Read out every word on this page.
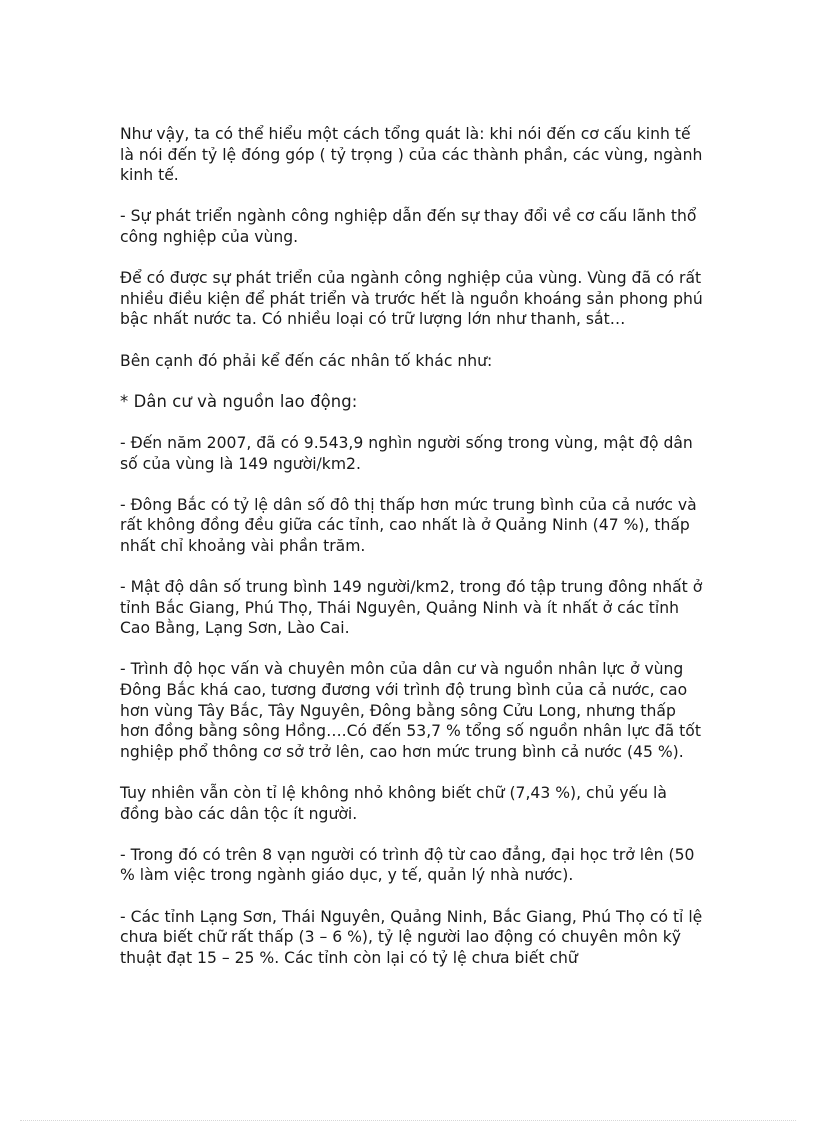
Như vậy, ta có thể hiểu một cách tổng quát là: khi nói đến cơ cấu kinh tế là nói đến tỷ lệ đóng góp ( tỷ trọng ) của các thành phần, các vùng, ngành kinh tế.

- Sự phát triển ngành công nghiệp dẫn đến sự thay đổi về cơ cấu lãnh thổ công nghiệp của vùng.

Để có được sự phát triển của ngành công nghiệp của vùng. Vùng đã có rất nhiều điều kiện để phát triển và trước hết là nguồn khoáng sản phong phú bậc nhất nước ta. Có nhiều loại có trữ lượng lớn như thanh, sắt…

Bên cạnh đó phải kể đến các nhân tố khác như:

* Dân cư và nguồn lao động:

- Đến năm 2007, đã có 9.543,9 nghìn người sống trong vùng, mật độ dân số của vùng là 149 người/km2.

- Đông Bắc có tỷ lệ dân số đô thị thấp hơn mức trung bình của cả nước và rất không đồng đều giữa các tỉnh, cao nhất là ở Quảng Ninh (47 %), thấp nhất chỉ khoảng vài phần trăm.

- Mật độ dân số trung bình 149 người/km2, trong đó tập trung đông nhất ở tỉnh Bắc Giang, Phú Thọ, Thái Nguyên, Quảng Ninh và ít nhất ở các tỉnh Cao Bằng, Lạng Sơn, Lào Cai.

- Trình độ học vấn và chuyên môn của dân cư và nguồn nhân lực ở vùng Đông Bắc khá cao, tương đương với trình độ trung bình của cả nước, cao hơn vùng Tây Bắc, Tây Nguyên, Đông bằng sông Cửu Long, nhưng thấp hơn đồng bằng sông Hồng….Có đến 53,7 % tổng số nguồn nhân lực đã tốt nghiệp phổ thông cơ sở trở lên, cao hơn mức trung bình cả nước (45 %).

Tuy nhiên vẫn còn tỉ lệ không nhỏ không biết chữ (7,43 %), chủ yếu là đồng bào các dân tộc ít người.

- Trong đó có trên 8 vạn người có trình độ từ cao đẳng, đại học trở lên (50 % làm việc trong ngành giáo dục, y tế, quản lý nhà nước).

- Các tỉnh Lạng Sơn, Thái Nguyên, Quảng Ninh, Bắc Giang, Phú Thọ có tỉ lệ chưa biết chữ rất thấp (3 – 6 %), tỷ lệ người lao động có chuyên môn kỹ thuật đạt 15 – 25 %. Các tỉnh còn lại có tỷ lệ chưa biết chữ
